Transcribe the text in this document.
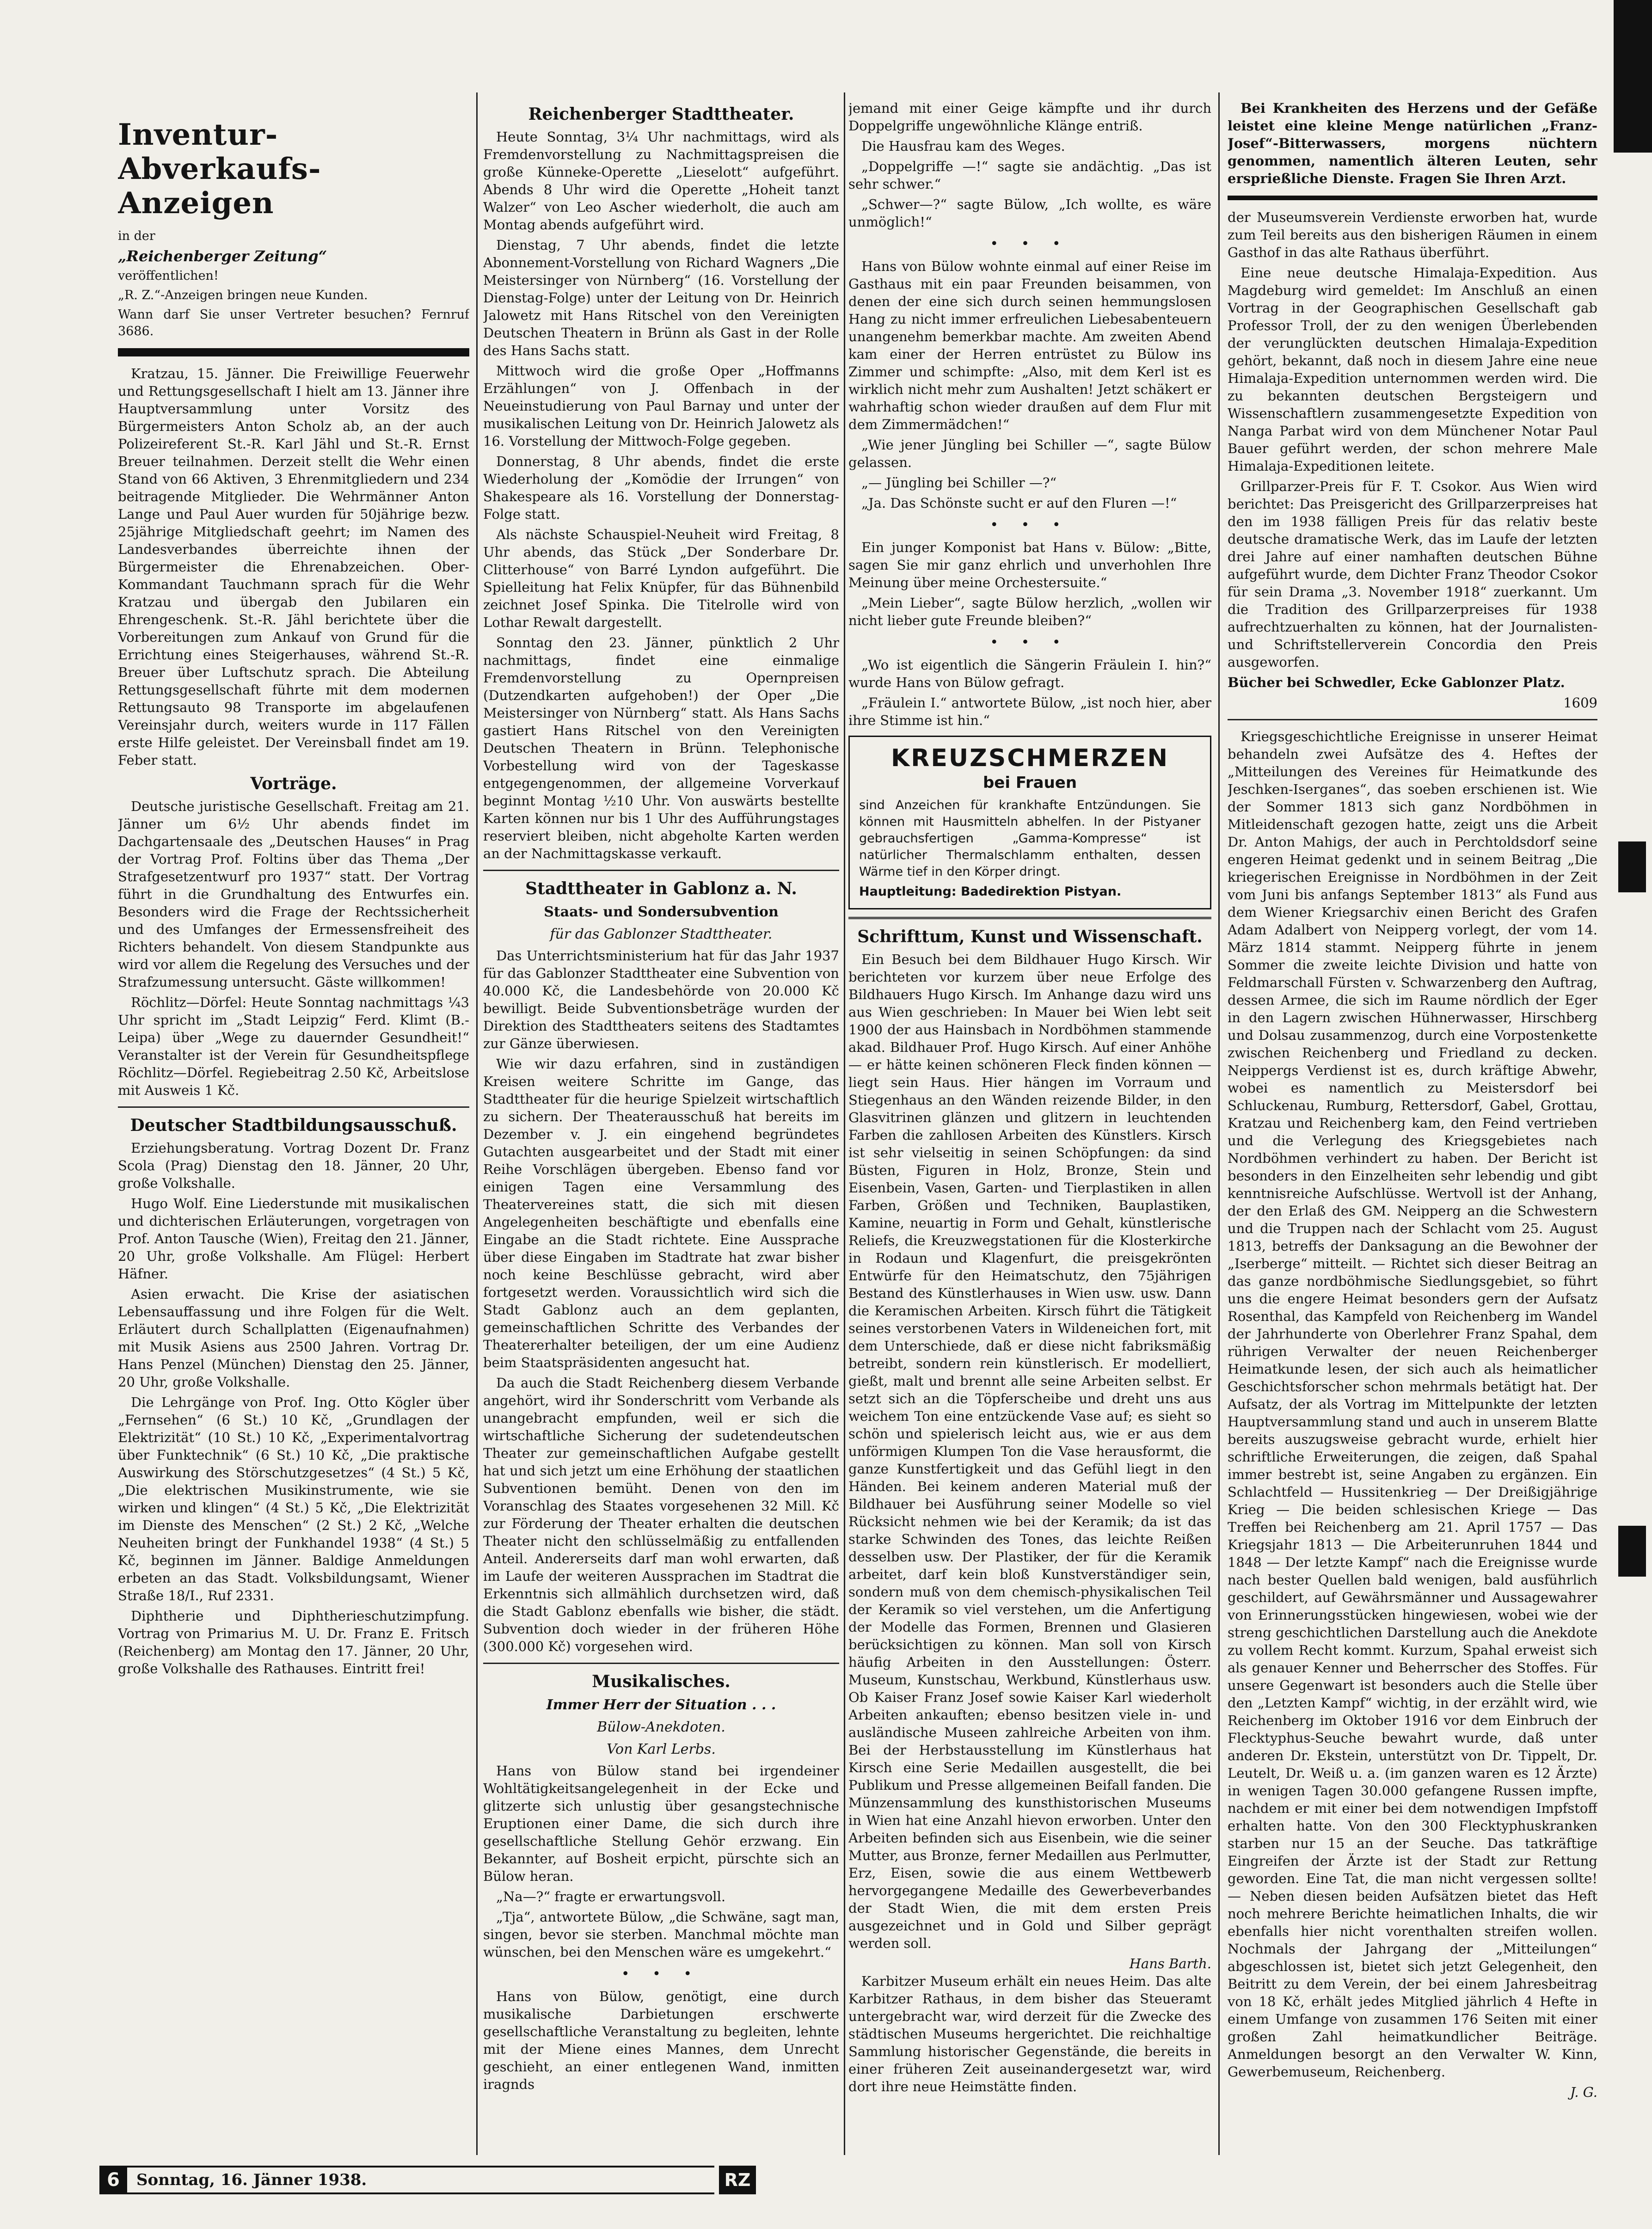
Inventur-Abverkaufs-Anzeigen
in der
„Reichenberger Zeitung“
veröffentlichen!
„R. Z.“-Anzeigen bringen neue Kunden.
Wann darf Sie unser Vertreter besuchen? Fernruf 3686.

Kratzau, 15. Jänner. Die Freiwillige Feuerwehr und Rettungsgesellschaft I hielt am 13. Jänner ihre Hauptversammlung unter Vorsitz des Bürgermeisters Anton Scholz ab, an der auch Polizeireferent St.-R. Karl Jähl und St.-R. Ernst Breuer teilnahmen. Derzeit stellt die Wehr einen Stand von 66 Aktiven, 3 Ehrenmitgliedern und 234 beitragende Mitglieder. Die Wehrmänner Anton Lange und Paul Auer wurden für 50jährige bezw. 25jährige Mitgliedschaft geehrt; im Namen des Landesverbandes überreichte ihnen der Bürgermeister die Ehrenabzeichen. Ober-Kommandant Tauchmann sprach für die Wehr Kratzau und übergab den Jubilaren ein Ehrengeschenk. St.-R. Jähl berichtete über die Vorbereitungen zum Ankauf von Grund für die Errichtung eines Steigerhauses, während St.-R. Breuer über Luftschutz sprach. Die Abteilung Rettungsgesellschaft führte mit dem modernen Rettungsauto 98 Transporte im abgelaufenen Vereinsjahr durch, weiters wurde in 117 Fällen erste Hilfe geleistet. Der Vereinsball findet am 19. Feber statt.

Vorträge.

Deutsche juristische Gesellschaft. Freitag am 21. Jänner um 6½ Uhr abends findet im Dachgartensaale des „Deutschen Hauses“ in Prag der Vortrag Prof. Foltins über das Thema „Der Strafgesetzentwurf pro 1937“ statt. Der Vortrag führt in die Grundhaltung des Entwurfes ein. Besonders wird die Frage der Rechtssicherheit und des Umfanges der Ermessensfreiheit des Richters behandelt. Von diesem Standpunkte aus wird vor allem die Regelung des Versuches und der Strafzumessung untersucht. Gäste willkommen!

Röchlitz—Dörfel: Heute Sonntag nachmittags ¼3 Uhr spricht im „Stadt Leipzig“ Ferd. Klimt (B.-Leipa) über „Wege zu dauernder Gesundheit!“ Veranstalter ist der Verein für Gesundheitspflege Röchlitz—Dörfel. Regiebeitrag 2.50 Kč, Arbeitslose mit Ausweis 1 Kč.

Deutscher Stadtbildungsausschuß.

Erziehungsberatung. Vortrag Dozent Dr. Franz Scola (Prag) Dienstag den 18. Jänner, 20 Uhr, große Volkshalle.

Hugo Wolf. Eine Liederstunde mit musikalischen und dichterischen Erläuterungen, vorgetragen von Prof. Anton Tausche (Wien), Freitag den 21. Jänner, 20 Uhr, große Volkshalle. Am Flügel: Herbert Häfner.

Asien erwacht. Die Krise der asiatischen Lebensauffassung und ihre Folgen für die Welt. Erläutert durch Schallplatten (Eigenaufnahmen) mit Musik Asiens aus 2500 Jahren. Vortrag Dr. Hans Penzel (München) Dienstag den 25. Jänner, 20 Uhr, große Volkshalle.

Die Lehrgänge von Prof. Ing. Otto Kögler über „Fernsehen“ (6 St.) 10 Kč, „Grundlagen der Elektrizität“ (10 St.) 10 Kč, „Experimentalvortrag über Funktechnik“ (6 St.) 10 Kč, „Die praktische Auswirkung des Störschutzgesetzes“ (4 St.) 5 Kč, „Die elektrischen Musikinstrumente, wie sie wirken und klingen“ (4 St.) 5 Kč, „Die Elektrizität im Dienste des Menschen“ (2 St.) 2 Kč, „Welche Neuheiten bringt der Funkhandel 1938“ (4 St.) 5 Kč, beginnen im Jänner. Baldige Anmeldungen erbeten an das Stadt. Volksbildungsamt, Wiener Straße 18/I., Ruf 2331.

Diphtherie und Diphtherieschutzimpfung. Vortrag von Primarius M. U. Dr. Franz E. Fritsch (Reichenberg) am Montag den 17. Jänner, 20 Uhr, große Volkshalle des Rathauses. Eintritt frei!

Reichenberger Stadttheater.

Heute Sonntag, 3¼ Uhr nachmittags, wird als Fremdenvorstellung zu Nachmittagspreisen die große Künneke-Operette „Lieselott“ aufgeführt. Abends 8 Uhr wird die Operette „Hoheit tanzt Walzer“ von Leo Ascher wiederholt, die auch am Montag abends aufgeführt wird.

Dienstag, 7 Uhr abends, findet die letzte Abonnement-Vorstellung von Richard Wagners „Die Meistersinger von Nürnberg“ (16. Vorstellung der Dienstag-Folge) unter der Leitung von Dr. Heinrich Jalowetz mit Hans Ritschel von den Vereinigten Deutschen Theatern in Brünn als Gast in der Rolle des Hans Sachs statt.

Mittwoch wird die große Oper „Hoffmanns Erzählungen“ von J. Offenbach in der Neueinstudierung von Paul Barnay und unter der musikalischen Leitung von Dr. Heinrich Jalowetz als 16. Vorstellung der Mittwoch-Folge gegeben.

Donnerstag, 8 Uhr abends, findet die erste Wiederholung der „Komödie der Irrungen“ von Shakespeare als 16. Vorstellung der Donnerstag-Folge statt.

Als nächste Schauspiel-Neuheit wird Freitag, 8 Uhr abends, das Stück „Der Sonderbare Dr. Clitterhouse“ von Barré Lyndon aufgeführt. Die Spielleitung hat Felix Knüpfer, für das Bühnenbild zeichnet Josef Spinka. Die Titelrolle wird von Lothar Rewalt dargestellt.

Sonntag den 23. Jänner, pünktlich 2 Uhr nachmittags, findet eine einmalige Fremdenvorstellung zu Opernpreisen (Dutzendkarten aufgehoben!) der Oper „Die Meistersinger von Nürnberg“ statt. Als Hans Sachs gastiert Hans Ritschel von den Vereinigten Deutschen Theatern in Brünn. Telephonische Vorbestellung wird von der Tageskasse entgegengenommen, der allgemeine Vorverkauf beginnt Montag ½10 Uhr. Von auswärts bestellte Karten können nur bis 1 Uhr des Aufführungstages reserviert bleiben, nicht abgeholte Karten werden an der Nachmittagskasse verkauft.

Stadttheater in Gablonz a. N.
Staats- und Sondersubvention
für das Gablonzer Stadttheater.

Das Unterrichtsministerium hat für das Jahr 1937 für das Gablonzer Stadttheater eine Subvention von 40.000 Kč, die Landesbehörde von 20.000 Kč bewilligt. Beide Subventionsbeträge wurden der Direktion des Stadttheaters seitens des Stadtamtes zur Gänze überwiesen.

Wie wir dazu erfahren, sind in zuständigen Kreisen weitere Schritte im Gange, das Stadttheater für die heurige Spielzeit wirtschaftlich zu sichern. Der Theaterausschuß hat bereits im Dezember v. J. ein eingehend begründetes Gutachten ausgearbeitet und der Stadt mit einer Reihe Vorschlägen übergeben. Ebenso fand vor einigen Tagen eine Versammlung des Theatervereines statt, die sich mit diesen Angelegenheiten beschäftigte und ebenfalls eine Eingabe an die Stadt richtete. Eine Aussprache über diese Eingaben im Stadtrate hat zwar bisher noch keine Beschlüsse gebracht, wird aber fortgesetzt werden. Voraussichtlich wird sich die Stadt Gablonz auch an dem geplanten, gemeinschaftlichen Schritte des Verbandes der Theatererhalter beteiligen, der um eine Audienz beim Staatspräsidenten angesucht hat.

Da auch die Stadt Reichenberg diesem Verbande angehört, wird ihr Sonderschritt vom Verbande als unangebracht empfunden, weil er sich die wirtschaftliche Sicherung der sudetendeutschen Theater zur gemeinschaftlichen Aufgabe gestellt hat und sich jetzt um eine Erhöhung der staatlichen Subventionen bemüht. Denen von den im Voranschlag des Staates vorgesehenen 32 Mill. Kč zur Förderung der Theater erhalten die deutschen Theater nicht den schlüsselmäßig zu entfallenden Anteil. Andererseits darf man wohl erwarten, daß im Laufe der weiteren Aussprachen im Stadtrat die Erkenntnis sich allmählich durchsetzen wird, daß die Stadt Gablonz ebenfalls wie bisher, die städt. Subvention doch wieder in der früheren Höhe (300.000 Kč) vorgesehen wird.

Musikalisches.
Immer Herr der Situation . . .
Bülow-Anekdoten.
Von Karl Lerbs.

Hans von Bülow stand bei irgendeiner Wohltätigkeitsangelegenheit in der Ecke und glitzerte sich unlustig über gesangstechnische Eruptionen einer Dame, die sich durch ihre gesellschaftliche Stellung Gehör erzwang. Ein Bekannter, auf Bosheit erpicht, pürschte sich an Bülow heran.

„Na—?“ fragte er erwartungsvoll.

„Tja“, antwortete Bülow, „die Schwäne, sagt man, singen, bevor sie sterben. Manchmal möchte man wünschen, bei den Menschen wäre es umgekehrt.“

• • •

Hans von Bülow, genötigt, eine durch musikalische Darbietungen erschwerte gesellschaftliche Veranstaltung zu begleiten, lehnte mit der Miene eines Mannes, dem Unrecht geschieht, an einer entlegenen Wand, inmitten iragnds

jemand mit einer Geige kämpfte und ihr durch Doppelgriffe ungewöhnliche Klänge entriß.

Die Hausfrau kam des Weges.

„Doppelgriffe —!“ sagte sie andächtig. „Das ist sehr schwer.“

„Schwer—?“ sagte Bülow, „Ich wollte, es wäre unmöglich!“

• • •

Hans von Bülow wohnte einmal auf einer Reise im Gasthaus mit ein paar Freunden beisammen, von denen der eine sich durch seinen hemmungslosen Hang zu nicht immer erfreulichen Liebesabenteuern unangenehm bemerkbar machte. Am zweiten Abend kam einer der Herren entrüstet zu Bülow ins Zimmer und schimpfte: „Also, mit dem Kerl ist es wirklich nicht mehr zum Aushalten! Jetzt schäkert er wahrhaftig schon wieder draußen auf dem Flur mit dem Zimmermädchen!“

„Wie jener Jüngling bei Schiller —“, sagte Bülow gelassen.

„— Jüngling bei Schiller —?“

„Ja. Das Schönste sucht er auf den Fluren —!“

• • •

Ein junger Komponist bat Hans v. Bülow: „Bitte, sagen Sie mir ganz ehrlich und unverhohlen Ihre Meinung über meine Orchestersuite.“

„Mein Lieber“, sagte Bülow herzlich, „wollen wir nicht lieber gute Freunde bleiben?“

• • •

„Wo ist eigentlich die Sängerin Fräulein I. hin?“ wurde Hans von Bülow gefragt.

„Fräulein I.“ antwortete Bülow, „ist noch hier, aber ihre Stimme ist hin.“

KREUZSCHMERZEN
bei Frauen

sind Anzeichen für krankhafte Entzündungen. Sie können mit Hausmitteln abhelfen. In der Pistyaner gebrauchsfertigen „Gamma-Kompresse“ ist natürlicher Thermalschlamm enthalten, dessen Wärme tief in den Körper dringt.

Hauptleitung: Badedirektion Pistyan.
Schrifttum, Kunst und Wissenschaft.

Ein Besuch bei dem Bildhauer Hugo Kirsch. Wir berichteten vor kurzem über neue Erfolge des Bildhauers Hugo Kirsch. Im Anhange dazu wird uns aus Wien geschrieben: In Mauer bei Wien lebt seit 1900 der aus Hainsbach in Nordböhmen stammende akad. Bildhauer Prof. Hugo Kirsch. Auf einer Anhöhe — er hätte keinen schöneren Fleck finden können — liegt sein Haus. Hier hängen im Vorraum und Stiegenhaus an den Wänden reizende Bilder, in den Glasvitrinen glänzen und glitzern in leuchtenden Farben die zahllosen Arbeiten des Künstlers. Kirsch ist sehr vielseitig in seinen Schöpfungen: da sind Büsten, Figuren in Holz, Bronze, Stein und Eisenbein, Vasen, Garten- und Tierplastiken in allen Farben, Größen und Techniken, Bauplastiken, Kamine, neuartig in Form und Gehalt, künstlerische Reliefs, die Kreuzwegstationen für die Klosterkirche in Rodaun und Klagenfurt, die preisgekrönten Entwürfe für den Heimatschutz, den 75jährigen Bestand des Künstlerhauses in Wien usw. usw. Dann die Keramischen Arbeiten. Kirsch führt die Tätigkeit seines verstorbenen Vaters in Wildeneichen fort, mit dem Unterschiede, daß er diese nicht fabriksmäßig betreibt, sondern rein künstlerisch. Er modelliert, gießt, malt und brennt alle seine Arbeiten selbst. Er setzt sich an die Töpferscheibe und dreht uns aus weichem Ton eine entzückende Vase auf; es sieht so schön und spielerisch leicht aus, wie er aus dem unförmigen Klumpen Ton die Vase herausformt, die ganze Kunstfertigkeit und das Gefühl liegt in den Händen. Bei keinem anderen Material muß der Bildhauer bei Ausführung seiner Modelle so viel Rücksicht nehmen wie bei der Keramik; da ist das starke Schwinden des Tones, das leichte Reißen desselben usw. Der Plastiker, der für die Keramik arbeitet, darf kein bloß Kunstverständiger sein, sondern muß von dem chemisch-physikalischen Teil der Keramik so viel verstehen, um die Anfertigung der Modelle das Formen, Brennen und Glasieren berücksichtigen zu können. Man soll von Kirsch häufig Arbeiten in den Ausstellungen: Österr. Museum, Kunstschau, Werkbund, Künstlerhaus usw. Ob Kaiser Franz Josef sowie Kaiser Karl wiederholt Arbeiten ankauften; ebenso besitzen viele in- und ausländische Museen zahlreiche Arbeiten von ihm. Bei der Herbstausstellung im Künstlerhaus hat Kirsch eine Serie Medaillen ausgestellt, die bei Publikum und Presse allgemeinen Beifall fanden. Die Münzensammlung des kunsthistorischen Museums in Wien hat eine Anzahl hievon erworben. Unter den Arbeiten befinden sich aus Eisenbein, wie die seiner Mutter, aus Bronze, ferner Medaillen aus Perlmutter, Erz, Eisen, sowie die aus einem Wettbewerb hervorgegangene Medaille des Gewerbeverbandes der Stadt Wien, die mit dem ersten Preis ausgezeichnet und in Gold und Silber geprägt werden soll.

Hans Barth.

Karbitzer Museum erhält ein neues Heim. Das alte Karbitzer Rathaus, in dem bisher das Steueramt untergebracht war, wird derzeit für die Zwecke des städtischen Museums hergerichtet. Die reichhaltige Sammlung historischer Gegenstände, die bereits in einer früheren Zeit auseinandergesetzt war, wird dort ihre neue Heimstätte finden.

Bei Krankheiten des Herzens und der Gefäße leistet eine kleine Menge natürlichen „Franz-Josef“-Bitterwassers, morgens nüchtern genommen, namentlich älteren Leuten, sehr ersprießliche Dienste. Fragen Sie Ihren Arzt.

der Museumsverein Verdienste erworben hat, wurde zum Teil bereits aus den bisherigen Räumen in einem Gasthof in das alte Rathaus überführt.

Eine neue deutsche Himalaja-Expedition. Aus Magdeburg wird gemeldet: Im Anschluß an einen Vortrag in der Geographischen Gesellschaft gab Professor Troll, der zu den wenigen Überlebenden der verunglückten deutschen Himalaja-Expedition gehört, bekannt, daß noch in diesem Jahre eine neue Himalaja-Expedition unternommen werden wird. Die zu bekannten deutschen Bergsteigern und Wissenschaftlern zusammengesetzte Expedition von Nanga Parbat wird von dem Münchener Notar Paul Bauer geführt werden, der schon mehrere Male Himalaja-Expeditionen leitete.

Grillparzer-Preis für F. T. Csokor. Aus Wien wird berichtet: Das Preisgericht des Grillparzerpreises hat den im 1938 fälligen Preis für das relativ beste deutsche dramatische Werk, das im Laufe der letzten drei Jahre auf einer namhaften deutschen Bühne aufgeführt wurde, dem Dichter Franz Theodor Csokor für sein Drama „3. November 1918“ zuerkannt. Um die Tradition des Grillparzerpreises für 1938 aufrechtzuerhalten zu können, hat der Journalisten- und Schriftstellerverein Concordia den Preis ausgeworfen.

Bücher bei Schwedler, Ecke Gablonzer Platz.

1609

Kriegsgeschichtliche Ereignisse in unserer Heimat behandeln zwei Aufsätze des 4. Heftes der „Mitteilungen des Vereines für Heimatkunde des Jeschken-Iserganes“, das soeben erschienen ist. Wie der Sommer 1813 sich ganz Nordböhmen in Mitleidenschaft gezogen hatte, zeigt uns die Arbeit Dr. Anton Mahigs, der auch in Perchtoldsdorf seine engeren Heimat gedenkt und in seinem Beitrag „Die kriegerischen Ereignisse in Nordböhmen in der Zeit vom Juni bis anfangs September 1813“ als Fund aus dem Wiener Kriegsarchiv einen Bericht des Grafen Adam Adalbert von Neipperg vorlegt, der vom 14. März 1814 stammt. Neipperg führte in jenem Sommer die zweite leichte Division und hatte von Feldmarschall Fürsten v. Schwarzenberg den Auftrag, dessen Armee, die sich im Raume nördlich der Eger in den Lagern zwischen Hühnerwasser, Hirschberg und Dolsau zusammenzog, durch eine Vorpostenkette zwischen Reichenberg und Friedland zu decken. Neippergs Verdienst ist es, durch kräftige Abwehr, wobei es namentlich zu Meistersdorf bei Schluckenau, Rumburg, Rettersdorf, Gabel, Grottau, Kratzau und Reichenberg kam, den Feind vertrieben und die Verlegung des Kriegsgebietes nach Nordböhmen verhindert zu haben. Der Bericht ist besonders in den Einzelheiten sehr lebendig und gibt kenntnisreiche Aufschlüsse. Wertvoll ist der Anhang, der den Erlaß des GM. Neipperg an die Schwestern und die Truppen nach der Schlacht vom 25. August 1813, betreffs der Danksagung an die Bewohner der „Iserberge“ mitteilt. — Richtet sich dieser Beitrag an das ganze nordböhmische Siedlungsgebiet, so führt uns die engere Heimat besonders gern der Aufsatz Rosenthal, das Kampfeld von Reichenberg im Wandel der Jahrhunderte von Oberlehrer Franz Spahal, dem rührigen Verwalter der neuen Reichenberger Heimatkunde lesen, der sich auch als heimatlicher Geschichtsforscher schon mehrmals betätigt hat. Der Aufsatz, der als Vortrag im Mittelpunkte der letzten Hauptversammlung stand und auch in unserem Blatte bereits auszugsweise gebracht wurde, erhielt hier schriftliche Erweiterungen, die zeigen, daß Spahal immer bestrebt ist, seine Angaben zu ergänzen. Ein Schlachtfeld — Hussitenkrieg — Der Dreißigjährige Krieg — Die beiden schlesischen Kriege — Das Treffen bei Reichenberg am 21. April 1757 — Das Kriegsjahr 1813 — Die Arbeiterunruhen 1844 und 1848 — Der letzte Kampf“ nach die Ereignisse wurde nach bester Quellen bald wenigen, bald ausführlich geschildert, auf Gewährsmänner und Aussagewahrer von Erinnerungsstücken hingewiesen, wobei wie der streng geschichtlichen Darstellung auch die Anekdote zu vollem Recht kommt. Kurzum, Spahal erweist sich als genauer Kenner und Beherrscher des Stoffes. Für unsere Gegenwart ist besonders auch die Stelle über den „Letzten Kampf“ wichtig, in der erzählt wird, wie Reichenberg im Oktober 1916 vor dem Einbruch der Flecktyphus-Seuche bewahrt wurde, daß unter anderen Dr. Ekstein, unterstützt von Dr. Tippelt, Dr. Leutelt, Dr. Weiß u. a. (im ganzen waren es 12 Ärzte) in wenigen Tagen 30.000 gefangene Russen impfte, nachdem er mit einer bei dem notwendigen Impfstoff erhalten hatte. Von den 300 Flecktyphuskranken starben nur 15 an der Seuche. Das tatkräftige Eingreifen der Ärzte ist der Stadt zur Rettung geworden. Eine Tat, die man nicht vergessen sollte! — Neben diesen beiden Aufsätzen bietet das Heft noch mehrere Berichte heimatlichen Inhalts, die wir ebenfalls hier nicht vorenthalten streifen wollen. Nochmals der Jahrgang der „Mitteilungen“ abgeschlossen ist, bietet sich jetzt Gelegenheit, den Beitritt zu dem Verein, der bei einem Jahresbeitrag von 18 Kč, erhält jedes Mitglied jährlich 4 Hefte in einem Umfange von zusammen 176 Seiten mit einer großen Zahl heimatkundlicher Beiträge. Anmeldungen besorgt an den Verwalter W. Kinn, Gewerbemuseum, Reichenberg.

J. G.
6	Sonntag, 16. Jänner 1938.	RZ
